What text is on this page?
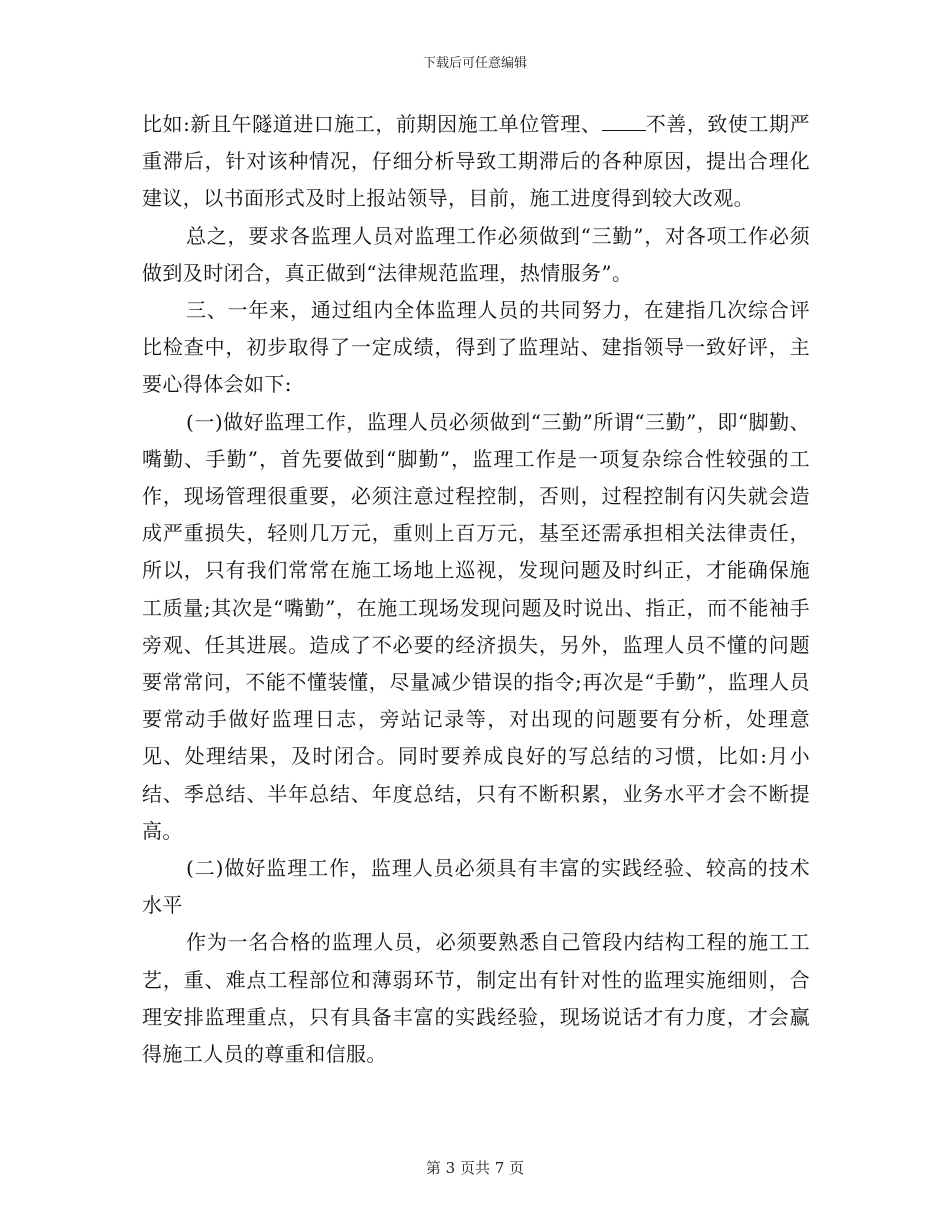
下载后可任意编辑

比如:新且午隧道进口施工，前期因施工单位管理、 不善，致使工期严重滞后，针对该种情况，仔细分析导致工期滞后的各种原因，提出合理化建议，以书面形式及时上报站领导，目前，施工进度得到较大改观。

总之，要求各监理人员对监理工作必须做到“三勤”，对各项工作必须做到及时闭合，真正做到“法律规范监理，热情服务”。

三、一年来，通过组内全体监理人员的共同努力，在建指几次综合评比检查中，初步取得了一定成绩，得到了监理站、建指领导一致好评，主要心得体会如下:

(一)做好监理工作，监理人员必须做到“三勤”所谓“三勤”，即“脚勤、嘴勤、手勤”，首先要做到“脚勤”，监理工作是一项复杂综合性较强的工作，现场管理很重要，必须注意过程控制，否则，过程控制有闪失就会造成严重损失，轻则几万元，重则上百万元，基至还需承担相关法律责任，所以，只有我们常常在施工场地上巡视，发现问题及时纠正，才能确保施工质量;其次是“嘴勤”，在施工现场发现问题及时说出、指正，而不能袖手旁观、任其进展。造成了不必要的经济损失，另外，监理人员不懂的问题要常常问，不能不懂装懂，尽量减少错误的指令;再次是“手勤”，监理人员要常动手做好监理日志，旁站记录等，对出现的问题要有分析，处理意见、处理结果，及时闭合。同时要养成良好的写总结的习惯，比如:月小结、季总结、半年总结、年度总结，只有不断积累，业务水平才会不断提高。

(二)做好监理工作，监理人员必须具有丰富的实践经验、较高的技术水平

作为一名合格的监理人员，必须要熟悉自己管段内结构工程的施工工艺，重、难点工程部位和薄弱环节，制定出有针对性的监理实施细则，合理安排监理重点，只有具备丰富的实践经验，现场说话才有力度，才会赢得施工人员的尊重和信服。

第 3 页共 7 页
